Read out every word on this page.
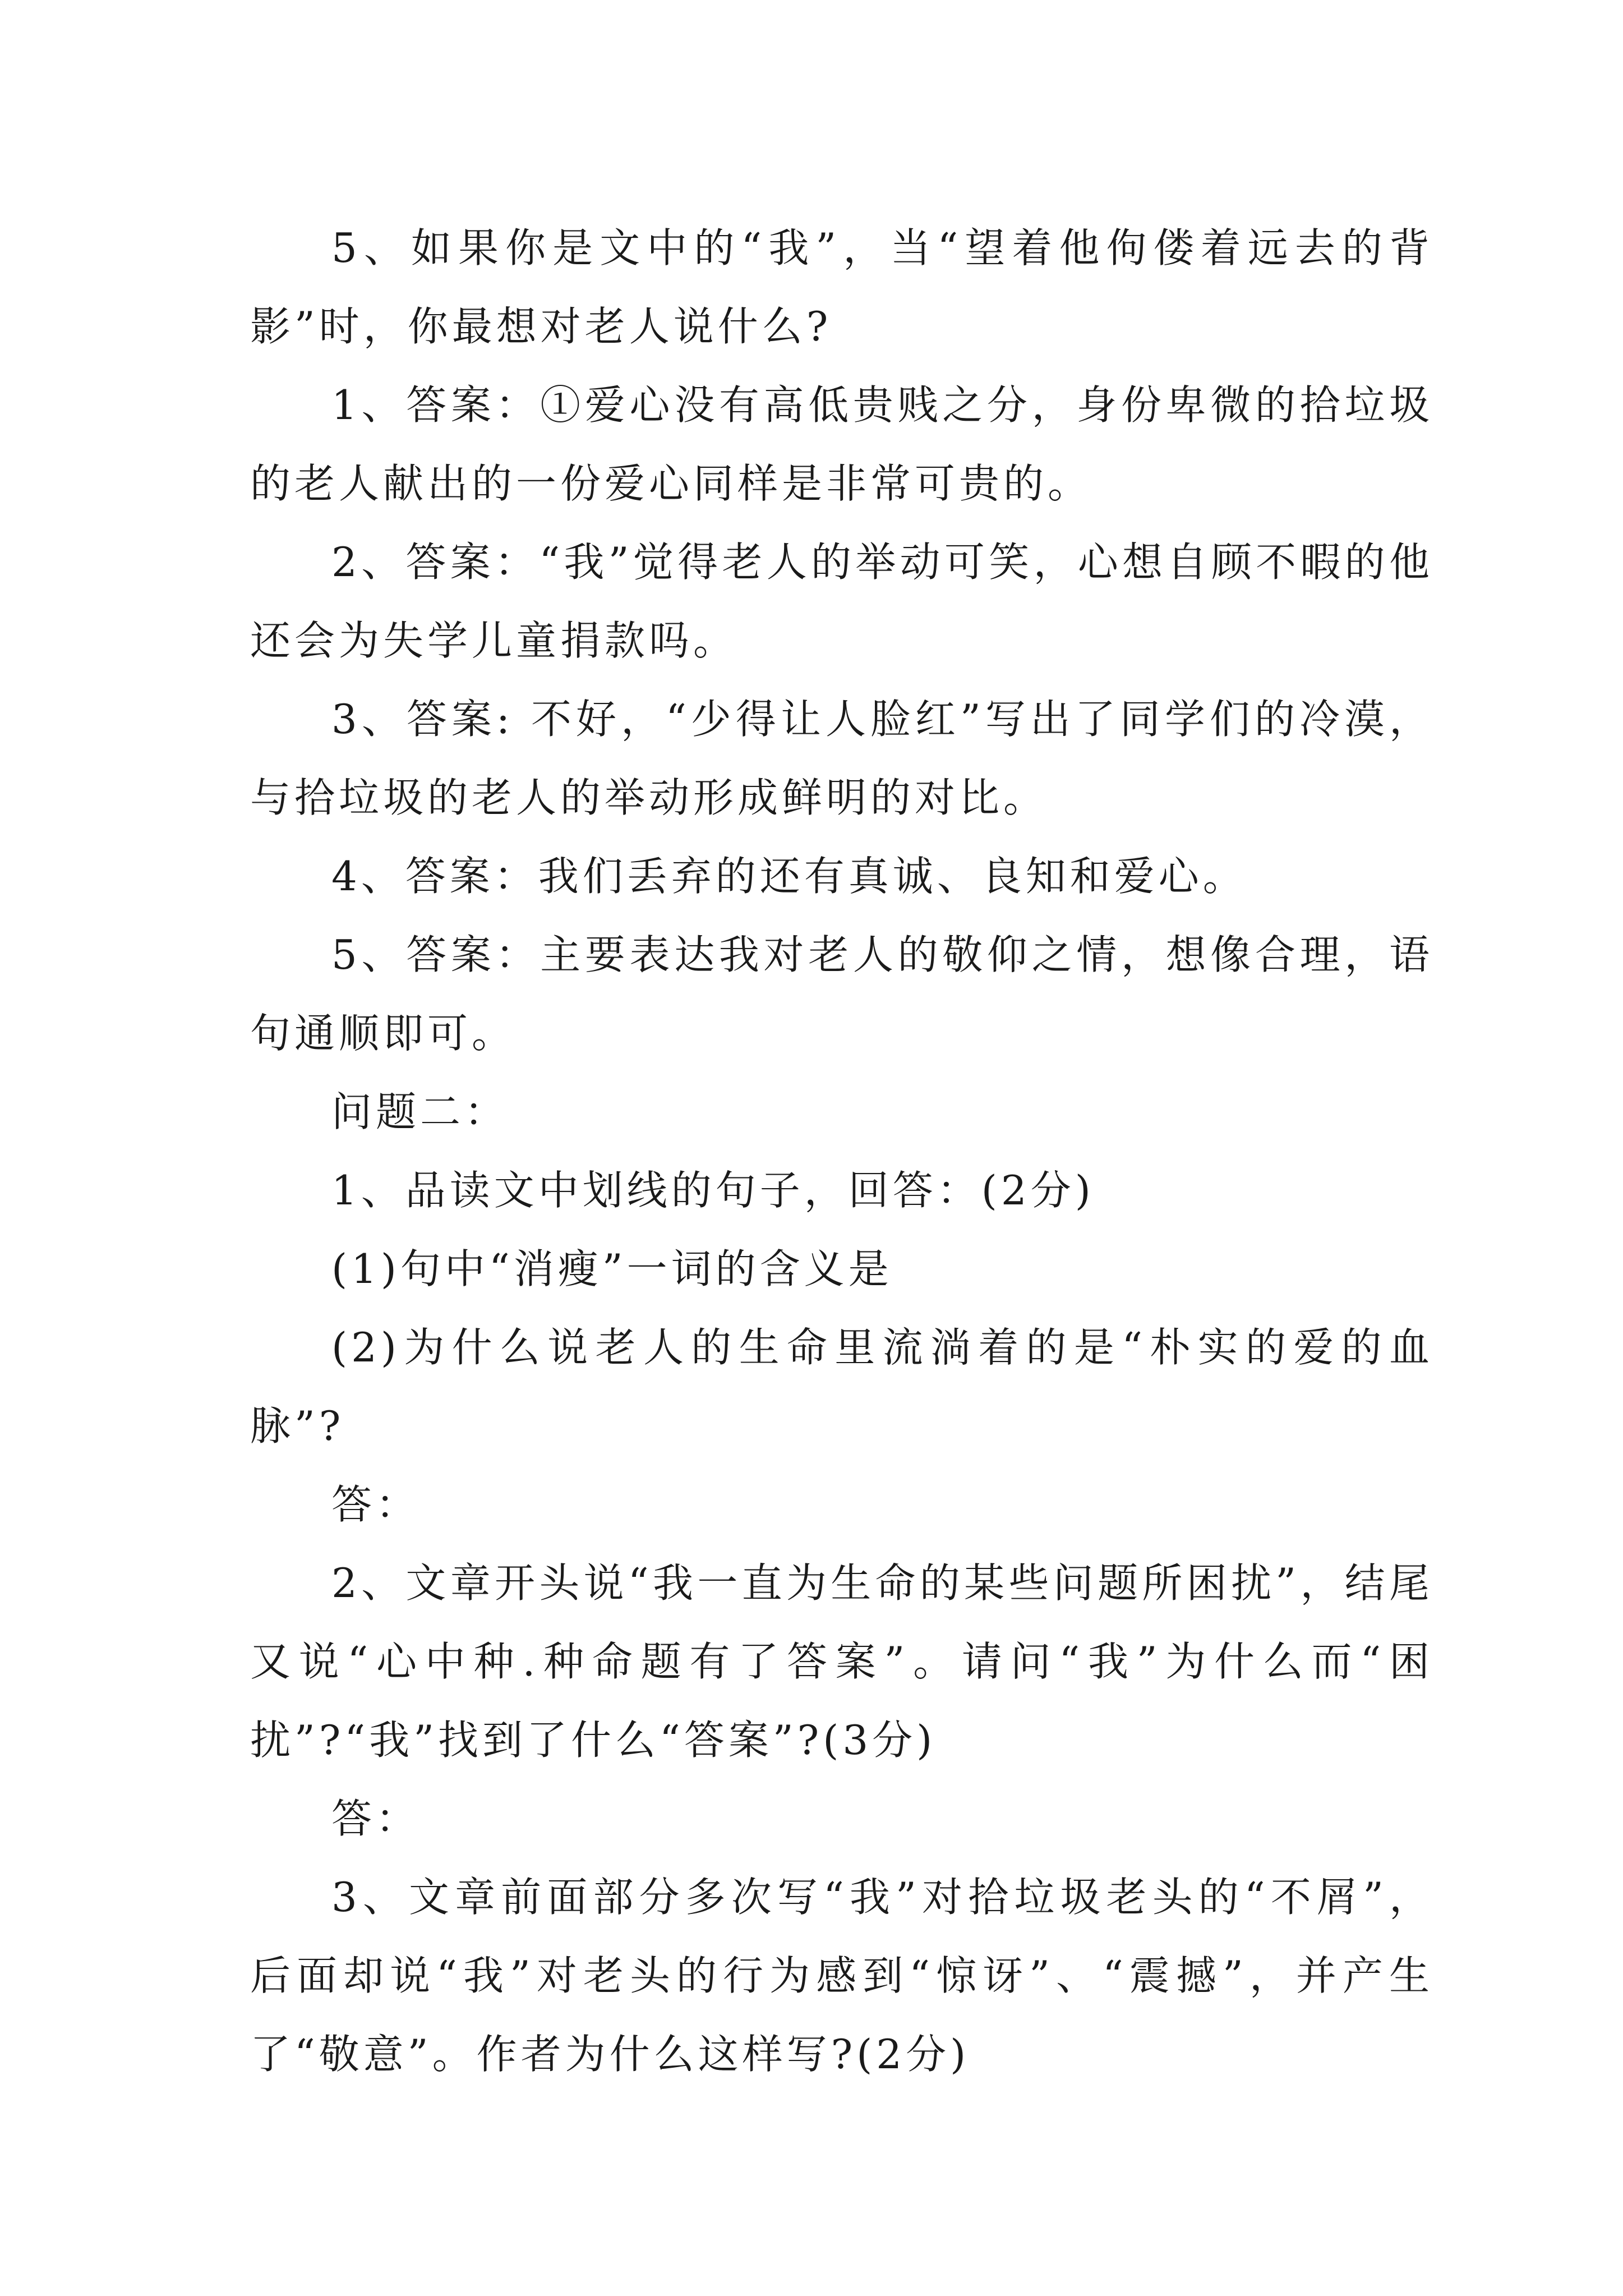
5、如果你是文中的“我”，当“望着他佝偻着远去的背影”时，你最想对老人说什么?

1、答案：①爱心没有高低贵贱之分，身份卑微的拾垃圾的老人献出的一份爱心同样是非常可贵的。

2、答案：“我”觉得老人的举动可笑，心想自顾不暇的他还会为失学儿童捐款吗。

3、答案: 不好，“少得让人脸红”写出了同学们的冷漠，与拾垃圾的老人的举动形成鲜明的对比。

4、答案：我们丢弃的还有真诚、良知和爱心。

5、答案：主要表达我对老人的敬仰之情，想像合理，语句通顺即可。

问题二：

1、品读文中划线的句子，回答：(2分)

(1)句中“消瘦”一词的含义是

(2)为什么说老人的生命里流淌着的是“朴实的爱的血脉”?

答：

2、文章开头说“我一直为生命的某些问题所困扰”，结尾又说“心中种.种命题有了答案”。请问“我”为什么而“困扰”?“我”找到了什么“答案”?(3分)

答：

3、文章前面部分多次写“我”对拾垃圾老头的“不屑”，后面却说“我”对老头的行为感到“惊讶”、“震撼”，并产生了“敬意”。作者为什么这样写?(2分)
